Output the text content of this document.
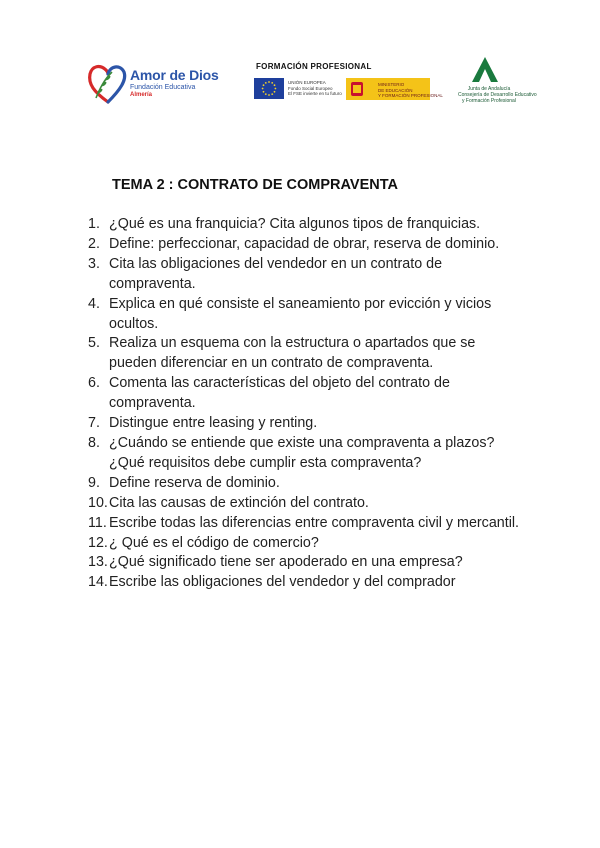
Amor de Dios
Fundación Educativa
Almería
FORMACIÓN PROFESIONAL
UNIÓN EUROPEA
Fondo Social Europeo
El FSE invierte en tu futuro
MINISTERIO
DE EDUCACIÓN
Y FORMACIÓN PROFESIONAL
Junta de Andalucía
Consejería de Desarrollo Educativo
y Formación Profesional
TEMA 2 : CONTRATO DE COMPRAVENTA
1. ¿Qué es una franquicia? Cita algunos tipos de franquicias.
2. Define: perfeccionar, capacidad de obrar, reserva de dominio.
3. Cita las obligaciones del vendedor en un contrato de compraventa.
4. Explica en qué consiste el saneamiento por evicción y vicios ocultos.
5. Realiza un esquema con la estructura o apartados que se pueden diferenciar en un contrato de compraventa.
6. Comenta las características del objeto del contrato de compraventa.
7. Distingue entre leasing y renting.
8. ¿Cuándo se entiende que existe una compraventa a plazos? ¿Qué requisitos debe cumplir esta compraventa?
9. Define reserva de dominio.
10. Cita las causas de extinción del contrato.
11. Escribe todas las diferencias entre compraventa civil y mercantil.
12. ¿ Qué es el código de comercio?
13. ¿Qué significado tiene ser apoderado en una empresa?
14. Escribe las obligaciones del vendedor y del comprador
